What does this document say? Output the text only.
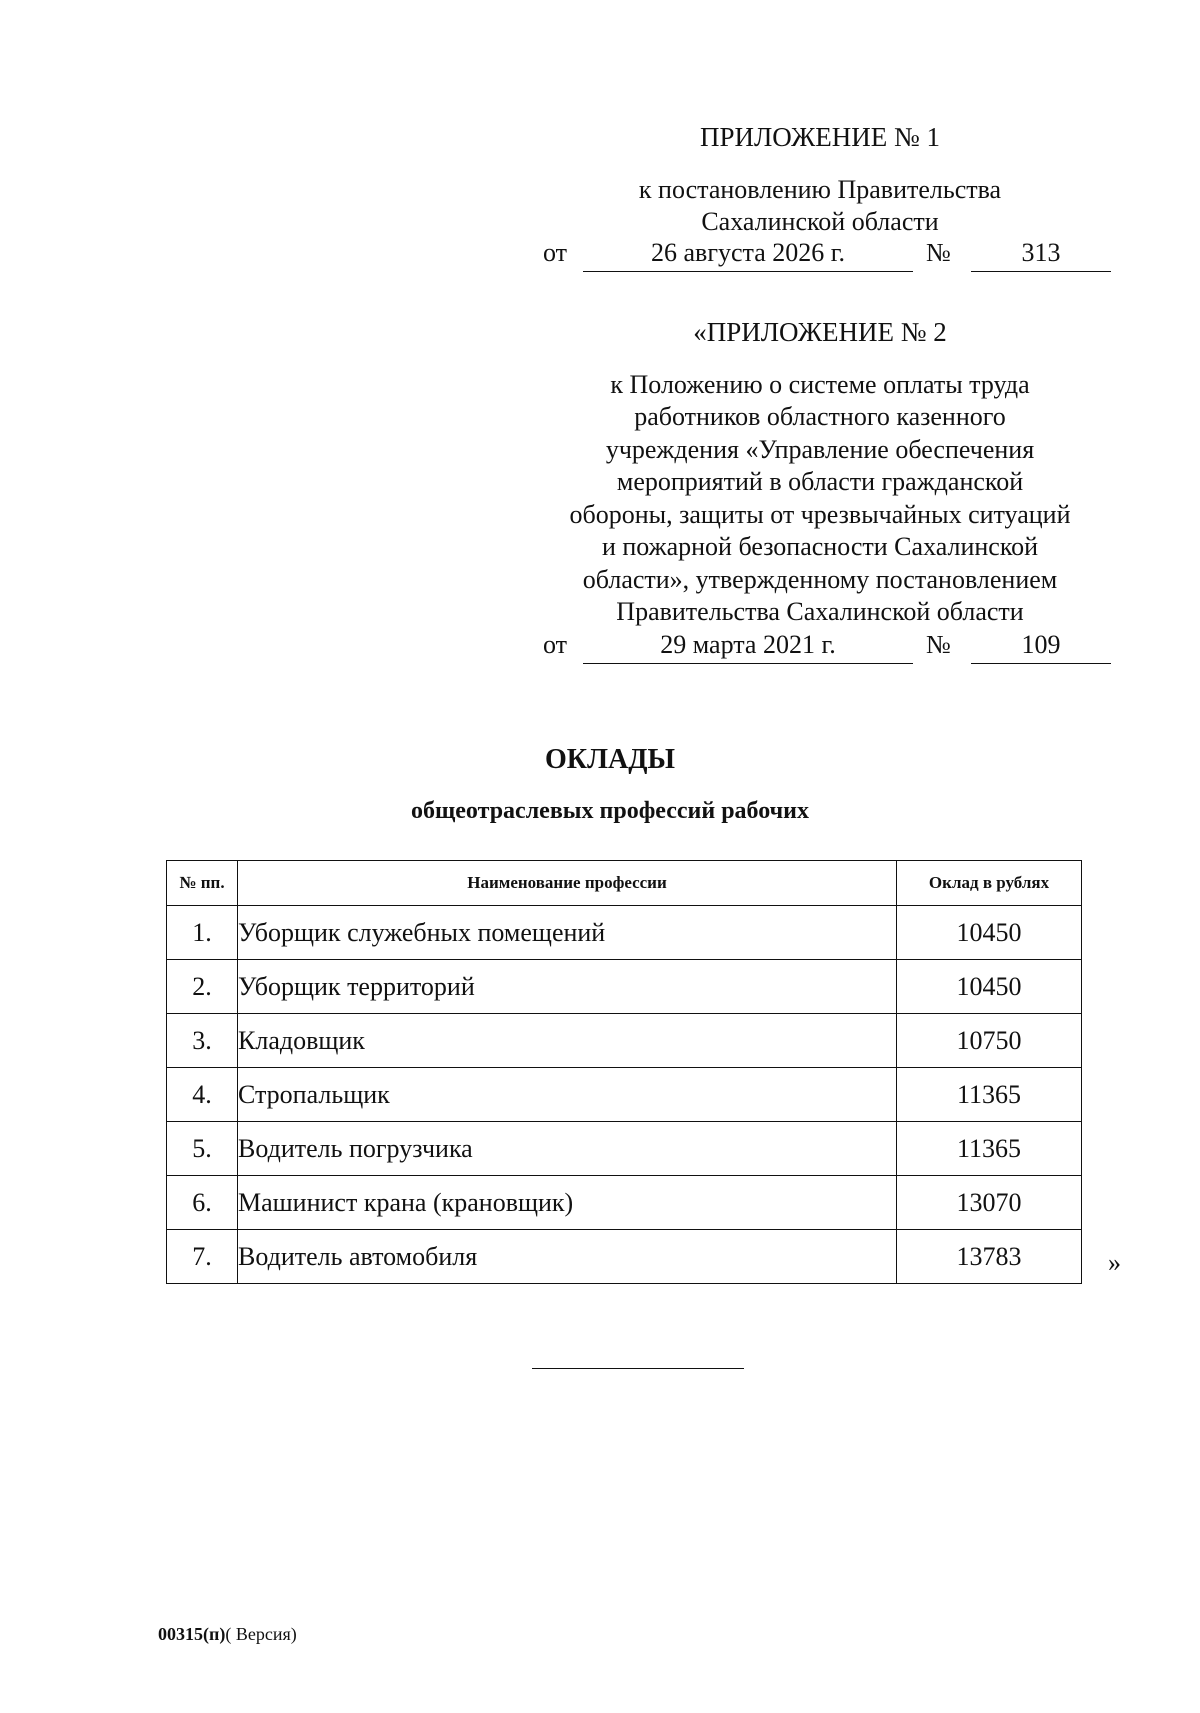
ПРИЛОЖЕНИЕ № 1
к постановлению Правительства
Сахалинской области
от	26 августа 2026 г.	№	313
«ПРИЛОЖЕНИЕ № 2
к Положению о системе оплаты труда
работников областного казенного
учреждения «Управление обеспечения
мероприятий в области гражданской
обороны, защиты от чрезвычайных ситуаций
и пожарной безопасности Сахалинской
области», утвержденному постановлением
Правительства Сахалинской области
от	29 марта 2021 г.	№	109
ОКЛАДЫ
общеотраслевых профессий рабочих
№ пп.	Наименование профессии	Оклад в рублях
1.	Уборщик служебных помещений	10450
2.	Уборщик территорий	10450
3.	Кладовщик	10750
4.	Стропальщик	11365
5.	Водитель погрузчика	11365
6.	Машинист крана (крановщик)	13070
7.	Водитель автомобиля	13783	»
00315(п)( Версия)
